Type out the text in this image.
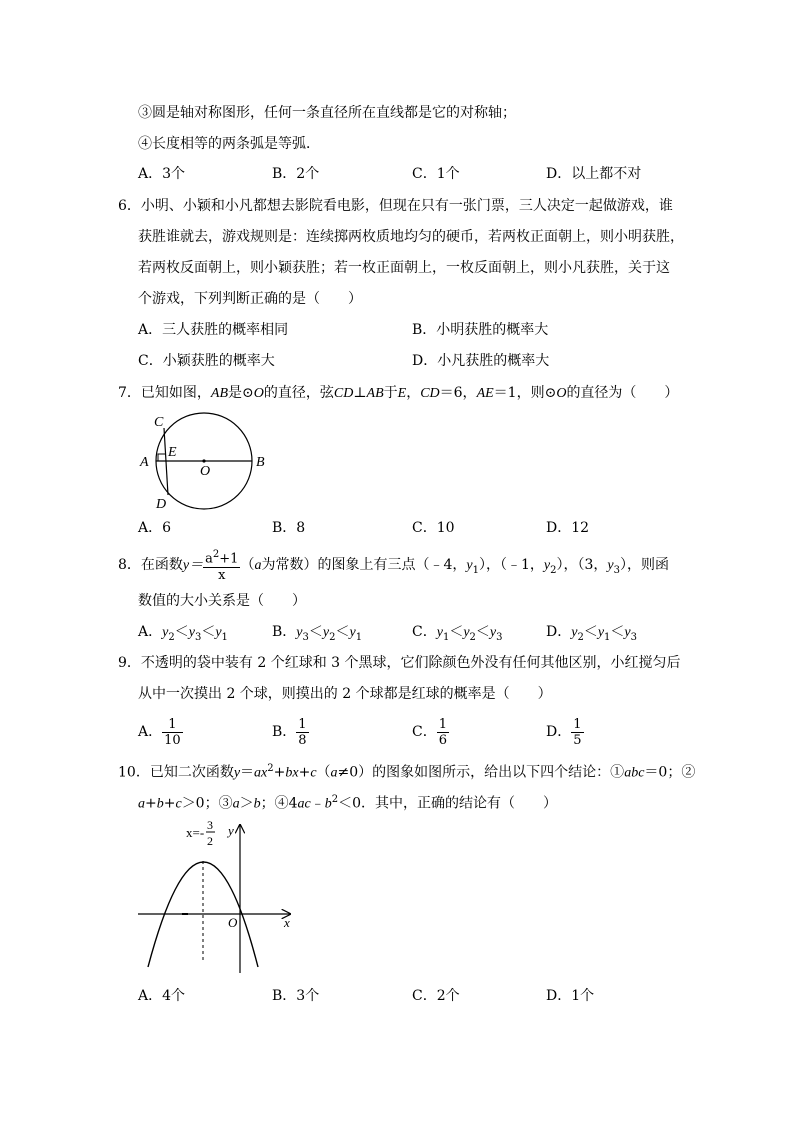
③圆是轴对称图形，任何一条直径所在直线都是它的对称轴；
④长度相等的两条弧是等弧．
A．3个	B．2个	C．1个	D．以上都不对
6．小明、小颖和小凡都想去影院看电影，但现在只有一张门票，三人决定一起做游戏，谁
获胜谁就去，游戏规则是：连续掷两枚质地均匀的硬币，若两枚正面朝上，则小明获胜，
若两枚反面朝上，则小颖获胜；若一枚正面朝上，一枚反面朝上，则小凡获胜，关于这
个游戏，下列判断正确的是（　　）
A．三人获胜的概率相同	B．小明获胜的概率大
C．小颖获胜的概率大	D．小凡获胜的概率大
7．已知如图，AB是⊙O的直径，弦CD⊥AB于E，CD＝6，AE＝1，则⊙O的直径为（　　）
A	B
C
D
E
O
A．6	B．8	C．10	D．12
8．在函数$y= \frac{a^2+1}{x} (a$为常数）的图象上有三点（﹣4，$y_1$），（﹣1，$y_2$），（3，$y_3$），则函
数值的大小关系是（　　）
A．$y_2<y_3<y_1$	B．$y_3<y_2<y_1$	C．$y_1<y_2<y_3$	D．$y_2<y_1<y_3$
9．不透明的袋中装有 2 个红球和 3 个黑球，它们除颜色外没有任何其他区别，小红搅匀后
从中一次摸出 2 个球，则摸出的 2 个球都是红球的概率是（　　）
A． $\frac{1}{10}$	B． $\frac{1}{8}$	C． $\frac{1}{6}$	D． $\frac{1}{5}$
10．已知二次函数$y=ax^2+bx+c(a\ne 0)$的图象如图所示，给出以下四个结论：①abc＝0；②
a+b+c＞0；③a＞b；$④4ac﹣b^2<0$．其中，正确的结论有（　　）
x=- 3
2
y
x
O
A．4个	B．3个	C．2个	D．1个
